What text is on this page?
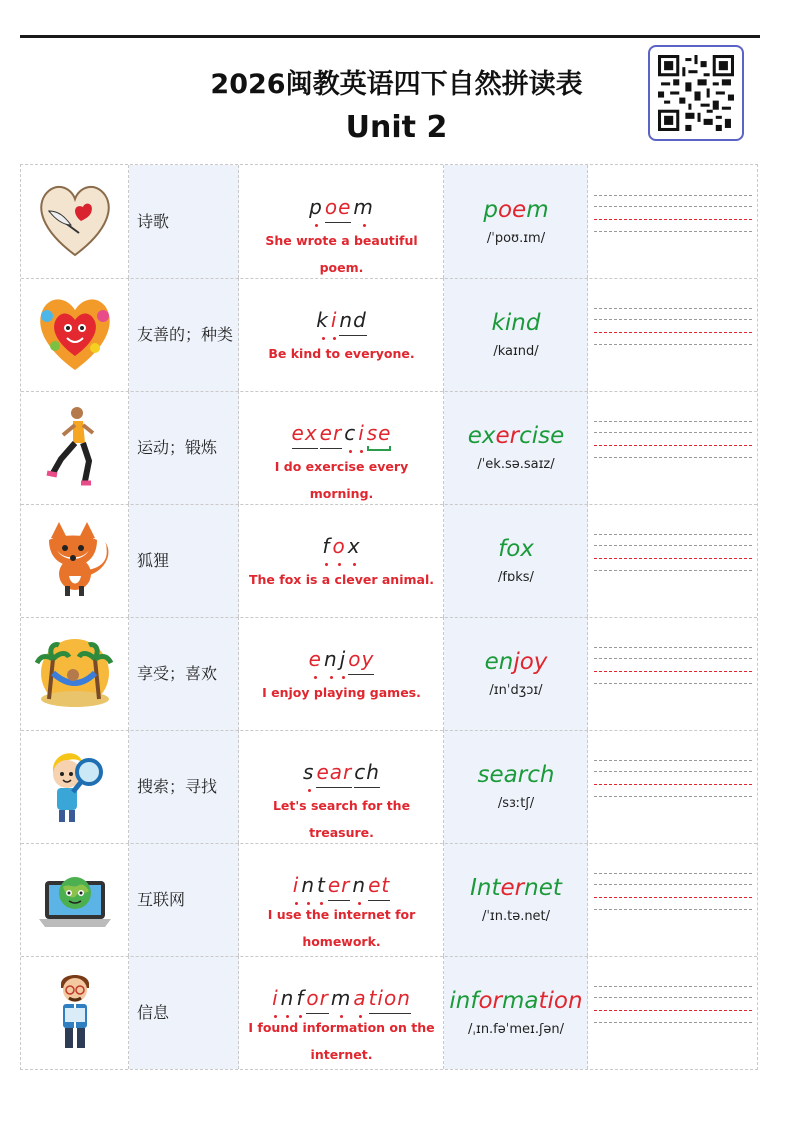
2026闽教英语四下自然拼读表
Unit 2
诗歌
p oe m
She wrote a beautiful poem.
poem
/ˈpoʊ.ɪm/
友善的；种类
k i nd
Be kind to everyone.
kind
/kaɪnd/
运动；锻炼
ex er c i se
I do exercise every morning.
exercise
/ˈek.sə.saɪz/
狐狸
f o x
The fox is a clever animal.
fox
/fɒks/
享受；喜欢
e n j oy
I enjoy playing games.
enjoy
/ɪnˈdʒɔɪ/
搜索；寻找
s ear ch
Let's search for the treasure.
search
/sɜːtʃ/
互联网
i n t er n et
I use the internet for
homework.
Internet
/ˈɪn.tə.net/
信息
i n f or m a tion
I found information on the
internet.
information
/ˌɪn.fəˈmeɪ.ʃən/
